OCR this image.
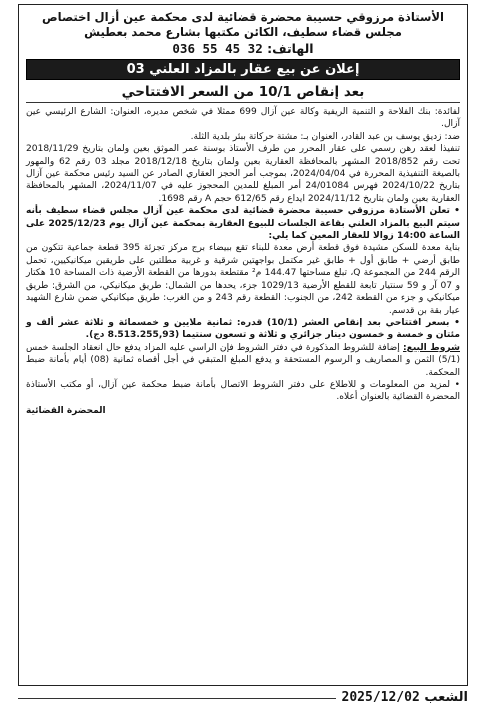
الأستاذة مرزوقي حسيبة محضرة قضائية لدى محكمة عين أزال اختصاص
مجلس قضاء سطيف، الكائن مكتبها بشارع محمد بعطيش
الهاتف: 036 55 45 32
إعلان عن بيع عقار بالمزاد العلني 03
بعد إنقاص 10/1 من السعر الافتتاحي

لفائدة: بنك الفلاحة و التنمية الريفية وكالة عين آزال 699 ممثلا في شخص مديره، العنوان: الشارع الرئيسي عين آزال.

ضد: زديق يوسف بن عبد القادر، العنوان بـ: مشتة حركاتة ببئر بلدية الثلة.

تنفيذا لعقد رهن رسمي على عقار المحرر من طرف الأستاذ بوسنة عمر الموثق بعين ولمان بتاريخ 2018/11/29 تحت رقم 2018/852 المشهر بالمحافظة العقارية بعين ولمان بتاريخ 2018/12/18 مجلد 03 رقم 62 والمهور بالصيغة التنفيذية المحررة في 2024/04/04، بموجب أمر الحجز العقاري الصادر عن السيد رئيس محكمة عين آزال بتاريخ 2024/10/22 فهرس 24/01084 أمر المبلغ للمدين المحجوز عليه في 2024/11/07، المشهر بالمحافظة العقارية بعين ولمان بتاريخ 2024/11/12 ايداع رقم 612/65 حجم A رقم 1698.

• تعلن الأستاذة مرزوقي حسيبة محضرة قضائية لدى محكمة عين آزال مجلس قضاء سطيف بأنه سيتم البيع بالمزاد العلني بقاعة الجلسات للبيوع العقارية بمحكمة عين آزال يوم 2025/12/23 على الساعة 14:00 زوالا للعقار المعين كما يلي:

بناية معدة للسكن مشيدة فوق قطعة أرض معدة للبناء تقع ببيضاء برج مركز تجزئة 395 قطعة جماعية تتكون من طابق أرضي + طابق أول + طابق غير مكتمل بواجهتين شرقية و غربية مطلتين على طريقين ميكانيكيين، تحمل الرقم 244 من المجموعة Q، تبلغ مساحتها 144.47 م² مقتطعة بدورها من القطعة الأرضية ذات المساحة 10 هكتار و 07 آر و 59 سنتيار تابعة للقطع الأرضية 1029/13 جزء، يحدها من الشمال: طريق ميكانيكي، من الشرق: طريق ميكانيكي و جزء من القطعة 242، من الجنوب: القطعة رقم 243 و من الغرب: طريق ميكانيكي ضمن شارع الشهيد عيار بقة بن قدسم.

• بسعر افتتاحي بعد إنقاص العشر (10/1) قدره: ثمانية ملايين و خمسمائة و ثلاثة عشر ألف و مئتان و خمسة و خمسون دينار جزائري و ثلاثة و تسعون سنتيما (8.513.255,93 دج).

شروط البيع: إضافة للشروط المذكورة في دفتر الشروط فإن الراسي عليه المزاد يدفع حال انعقاد الجلسة خمس (5/1) الثمن و المصاريف و الرسوم المستحقة و يدفع المبلغ المتبقي في أجل أقصاه ثمانية (08) أيام بأمانة ضبط المحكمة.

• لمزيد من المعلومات و للاطلاع على دفتر الشروط الاتصال بأمانة ضبط محكمة عين آزال، أو مكتب الأستاذة المحضرة القضائية بالعنوان أعلاه.

المحضرة القضائية
الشعب 2025/12/02
